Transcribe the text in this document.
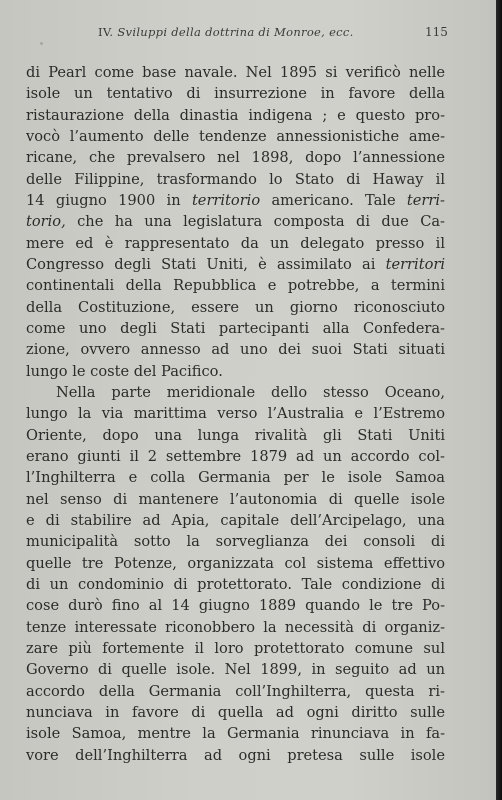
IV. Sviluppi della dottrina di Monroe, ecc.	115
di Pearl come base navale. Nel 1895 si verificò nelle
isole un tentativo di insurrezione in favore della
ristaurazione della dinastia indigena ; e questo pro-
vocò l’aumento delle tendenze annessionistiche ame-
ricane, che prevalsero nel 1898, dopo l’annessione
delle Filippine, trasformando lo Stato di Haway il
14 giugno 1900 in territorio americano. Tale terri-
torio, che ha una legislatura composta di due Ca-
mere ed è rappresentato da un delegato presso il
Congresso degli Stati Uniti, è assimilato ai territori
continentali della Repubblica e potrebbe, a termini
della Costituzione, essere un giorno riconosciuto
come uno degli Stati partecipanti alla Confedera-
zione, ovvero annesso ad uno dei suoi Stati situati
lungo le coste del Pacifico.
Nella parte meridionale dello stesso Oceano,
lungo la via marittima verso l’Australia e l’Estremo
Oriente, dopo una lunga rivalità gli Stati Uniti
erano giunti il 2 settembre 1879 ad un accordo col-
l’Inghilterra e colla Germania per le isole Samoa
nel senso di mantenere l’autonomia di quelle isole
e di stabilire ad Apia, capitale dell’Arcipelago, una
municipalità sotto la sorveglianza dei consoli di
quelle tre Potenze, organizzata col sistema effettivo
di un condominio di protettorato. Tale condizione di
cose durò fino al 14 giugno 1889 quando le tre Po-
tenze interessate riconobbero la necessità di organiz-
zare più fortemente il loro protettorato comune sul
Governo di quelle isole. Nel 1899, in seguito ad un
accordo della Germania coll’Inghilterra, questa ri-
nunciava in favore di quella ad ogni diritto sulle
isole Samoa, mentre la Germania rinunciava in fa-
vore dell’Inghilterra ad ogni pretesa sulle isole
